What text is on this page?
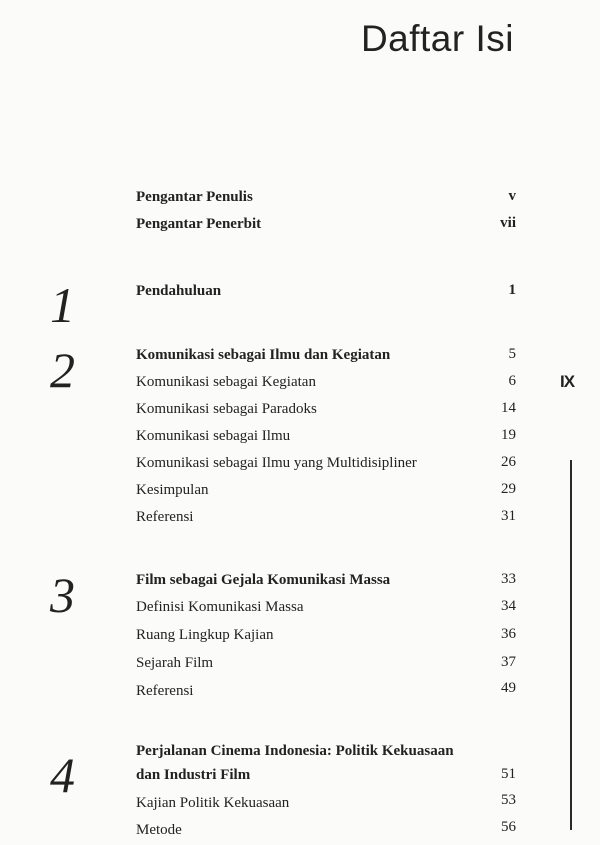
Daftar Isi
Pengantar Penulis	v
Pengantar Penerbit	vii
1	Pendahuluan	1
2	Komunikasi sebagai Ilmu dan Kegiatan	5
Komunikasi sebagai Kegiatan	6
Komunikasi sebagai Paradoks	14
Komunikasi sebagai Ilmu	19
Komunikasi sebagai Ilmu yang Multidisipliner	26
Kesimpulan	29
Referensi	31
3	Film sebagai Gejala Komunikasi Massa	33
Definisi Komunikasi Massa	34
Ruang Lingkup Kajian	36
Sejarah Film	37
Referensi	49
4	Perjalanan Cinema Indonesia: Politik Kekuasaan
dan Industri Film	51
Kajian Politik Kekuasaan	53
Metode	56
IX
